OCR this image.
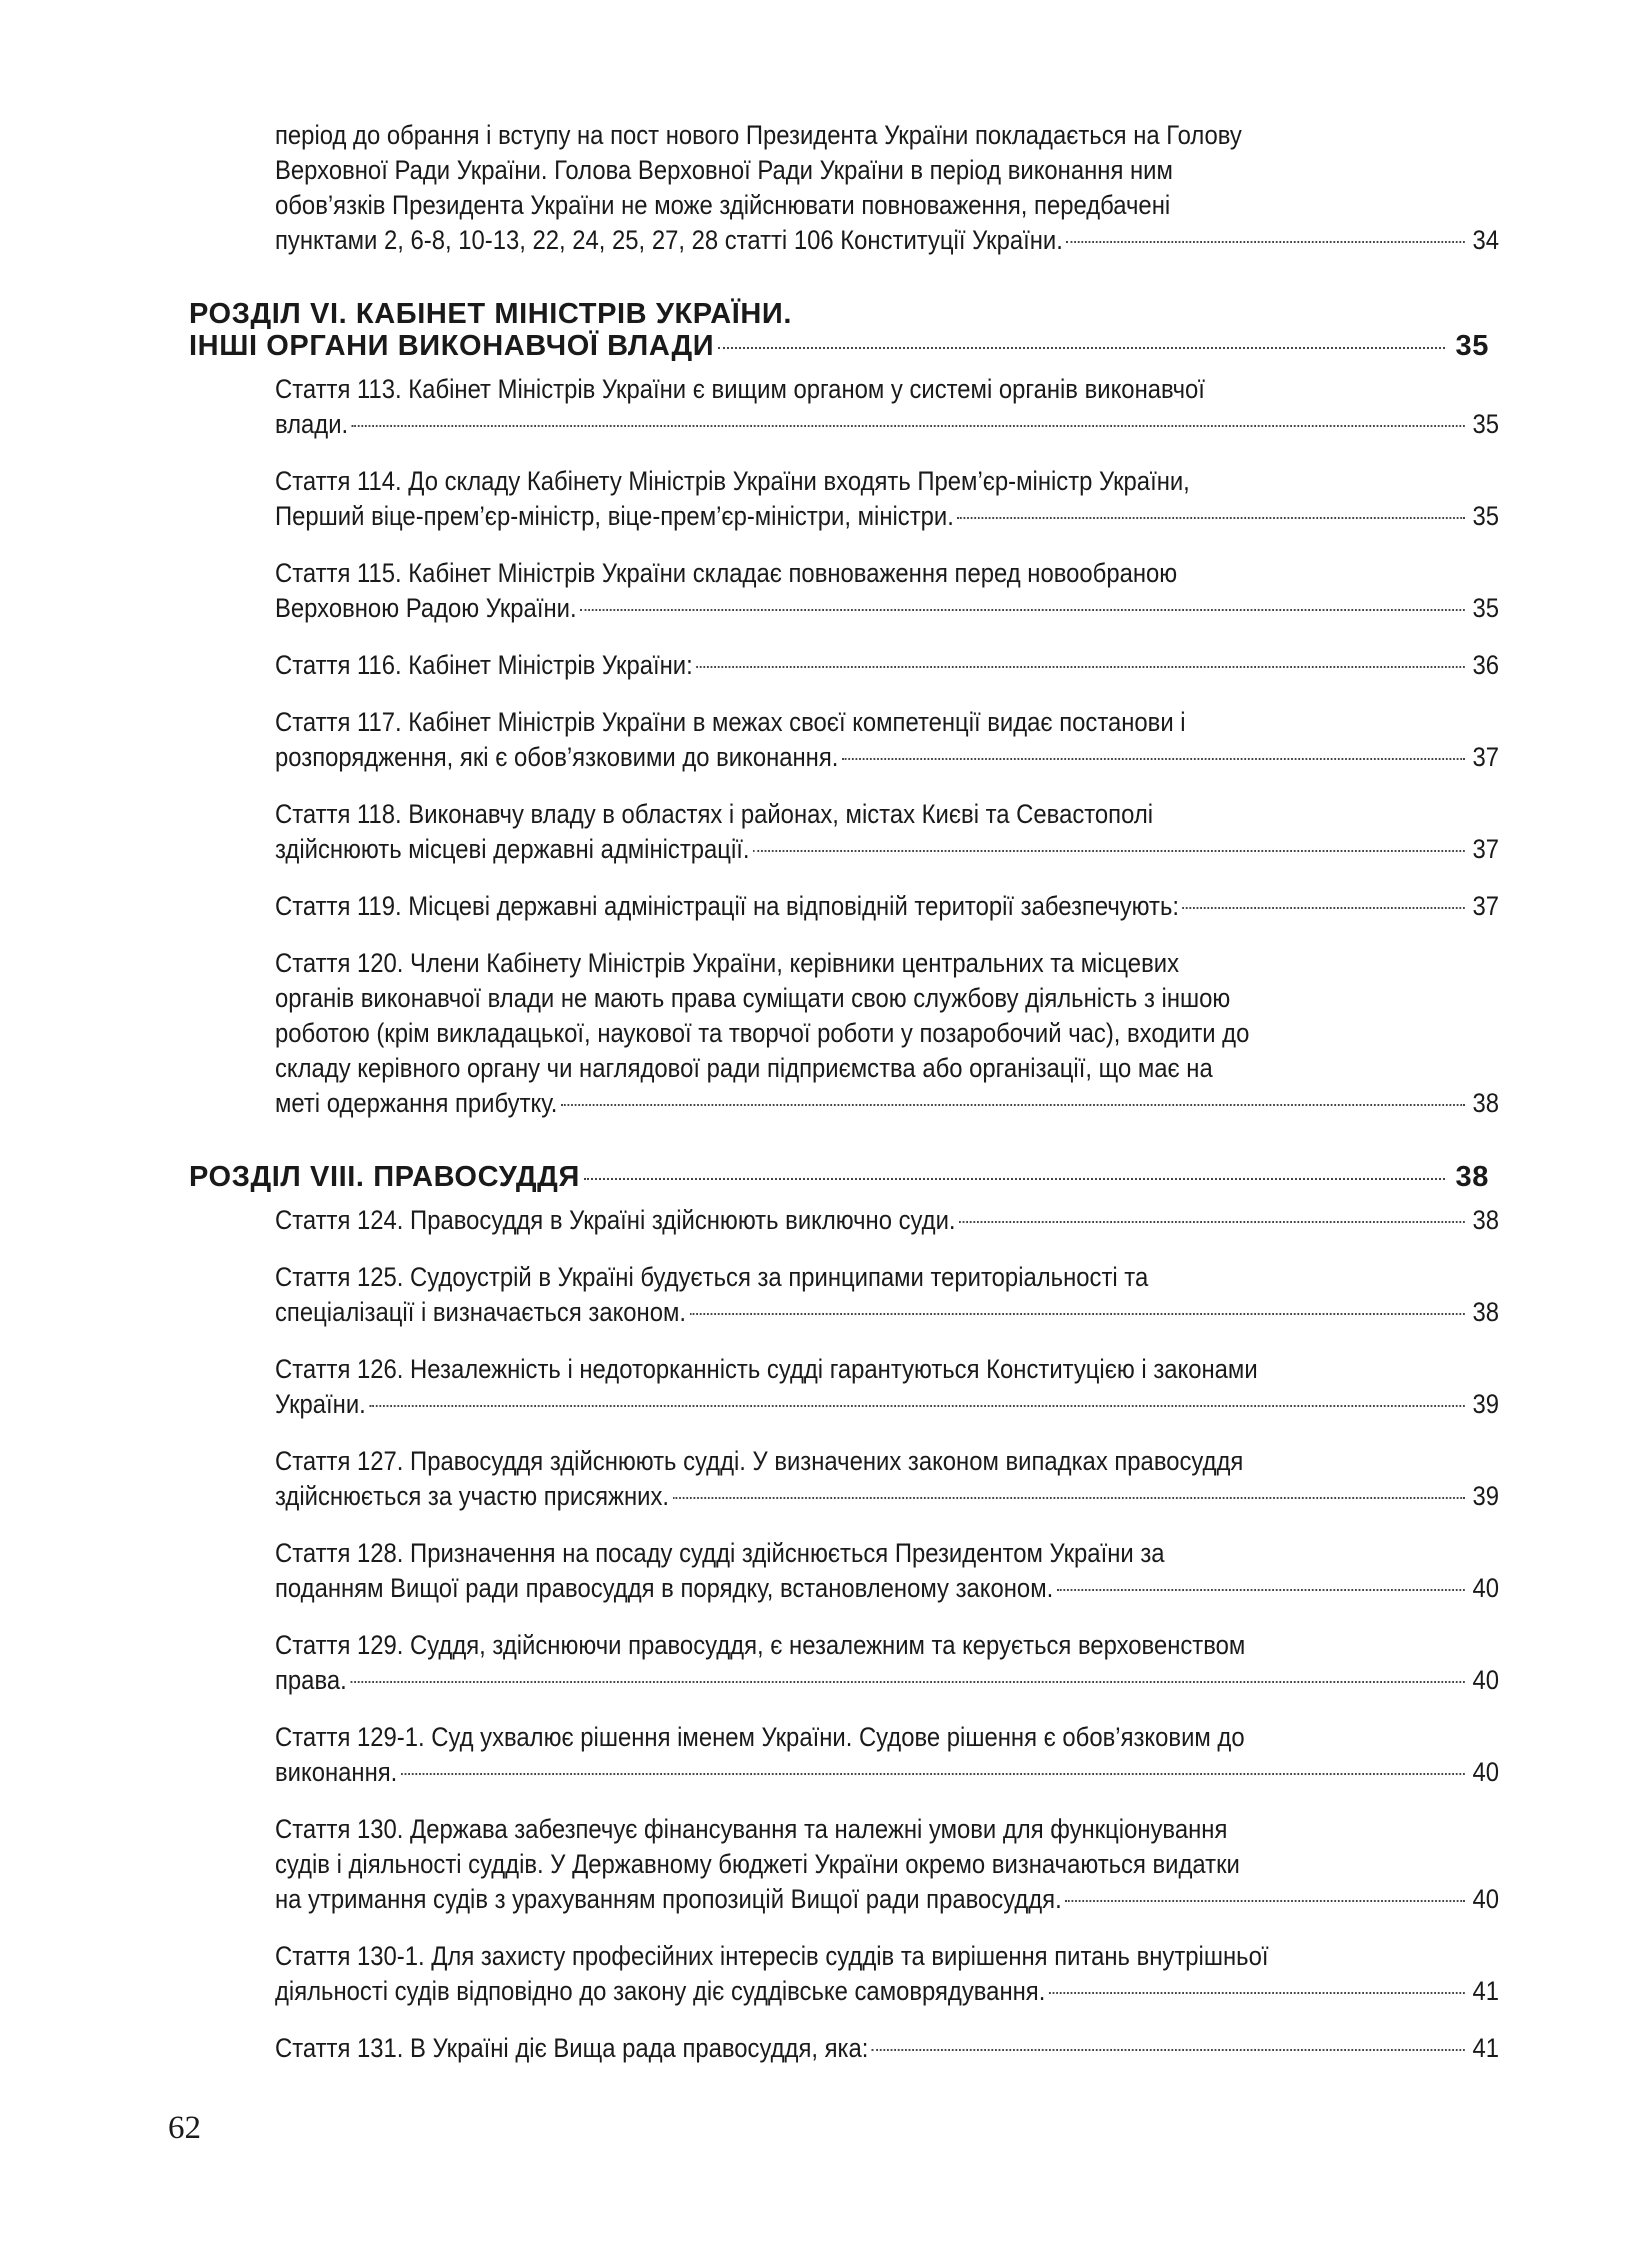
період до обрання і вступу на пост нового Президента України покладається на Голову
Верховної Ради України. Голова Верховної Ради України в період виконання ним
обов’язків Президента України не може здійснювати повноваження, передбачені
пунктами 2, 6-8, 10-13, 22, 24, 25, 27, 28 статті 106 Конституції України.	34
РОЗДІЛ VI. КАБІНЕТ МІНІСТРІВ УКРАЇНИ.
ІНШІ ОРГАНИ ВИКОНАВЧОЇ ВЛАДИ	35
Стаття 113. Кабінет Міністрів України є вищим органом у системі органів виконавчої
влади.	35
Стаття 114. До складу Кабінету Міністрів України входять Прем’єр-міністр України,
Перший віце-прем’єр-міністр, віце-прем’єр-міністри, міністри.	35
Стаття 115. Кабінет Міністрів України складає повноваження перед новообраною
Верховною Радою України.	35
Стаття 116. Кабінет Міністрів України:	36
Стаття 117. Кабінет Міністрів України в межах своєї компетенції видає постанови і
розпорядження, які є обов’язковими до виконання.	37
Стаття 118. Виконавчу владу в областях і районах, містах Києві та Севастополі
здійснюють місцеві державні адміністрації.	37
Стаття 119. Місцеві державні адміністрації на відповідній території забезпечують:	37
Стаття 120. Члени Кабінету Міністрів України, керівники центральних та місцевих
органів виконавчої влади не мають права суміщати свою службову діяльність з іншою
роботою (крім викладацької, наукової та творчої роботи у позаробочий час), входити до
складу керівного органу чи наглядової ради підприємства або організації, що має на
меті одержання прибутку.	38
РОЗДІЛ VIII. ПРАВОСУДДЯ	38
Стаття 124. Правосуддя в Україні здійснюють виключно суди.	38
Стаття 125. Судоустрій в Україні будується за принципами територіальності та
спеціалізації і визначається законом.	38
Стаття 126. Незалежність і недоторканність судді гарантуються Конституцією і законами
України.	39
Стаття 127. Правосуддя здійснюють судді. У визначених законом випадках правосуддя
здійснюється за участю присяжних.	39
Стаття 128. Призначення на посаду судді здійснюється Президентом України за
поданням Вищої ради правосуддя в порядку, встановленому законом.	40
Стаття 129. Суддя, здійснюючи правосуддя, є незалежним та керується верховенством
права.	40
Стаття 129-1. Суд ухвалює рішення іменем України. Судове рішення є обов’язковим до
виконання.	40
Стаття 130. Держава забезпечує фінансування та належні умови для функціонування
судів і діяльності суддів. У Державному бюджеті України окремо визначаються видатки
на утримання судів з урахуванням пропозицій Вищої ради правосуддя.	40
Стаття 130-1. Для захисту професійних інтересів суддів та вирішення питань внутрішньої
діяльності судів відповідно до закону діє суддівське самоврядування.	41
Стаття 131. В Україні діє Вища рада правосуддя, яка:	41
62
